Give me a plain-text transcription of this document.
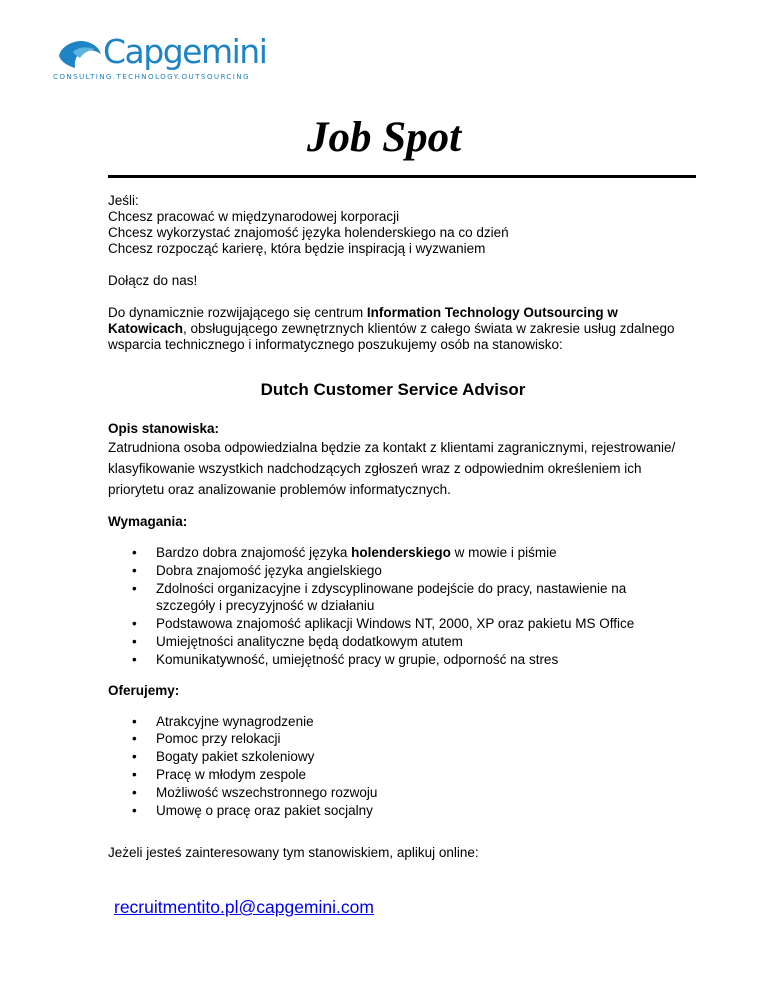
Capgemini
CONSULTING.TECHNOLOGY.OUTSOURCING
Job Spot

Jeśli:

Chcesz pracować w międzynarodowej korporacji

Chcesz wykorzystać znajomość języka holenderskiego na co dzień

Chcesz rozpocząć karierę, która będzie inspiracją i wyzwaniem

Dołącz do nas!

Do dynamicznie rozwijającego się centrum Information Technology Outsourcing w Katowicach, obsługującego zewnętrznych klientów z całego świata w zakresie usług zdalnego wsparcia technicznego i informatycznego poszukujemy osób na stanowisko:

Dutch Customer Service Advisor

Opis stanowiska:

Zatrudniona osoba odpowiedzialna będzie za kontakt z klientami zagranicznymi, rejestrowanie/ klasyfikowanie wszystkich nadchodzących zgłoszeń wraz z odpowiednim określeniem ich priorytetu oraz analizowanie problemów informatycznych.

Wymagania:

• Bardzo dobra znajomość języka holenderskiego w mowie i piśmie
• Dobra znajomość języka angielskiego
• Zdolności organizacyjne i zdyscyplinowane podejście do pracy, nastawienie na szczegóły i precyzyjność w działaniu
• Podstawowa znajomość aplikacji Windows NT, 2000, XP oraz pakietu MS Office
• Umiejętności analityczne będą dodatkowym atutem
• Komunikatywność, umiejętność pracy w grupie, odporność na stres

Oferujemy:

• Atrakcyjne wynagrodzenie
• Pomoc przy relokacji
• Bogaty pakiet szkoleniowy
• Pracę w młodym zespole
• Możliwość wszechstronnego rozwoju
• Umowę o pracę oraz pakiet socjalny

Jeżeli jesteś zainteresowany tym stanowiskiem, aplikuj online:

recruitmentito.pl@capgemini.com
